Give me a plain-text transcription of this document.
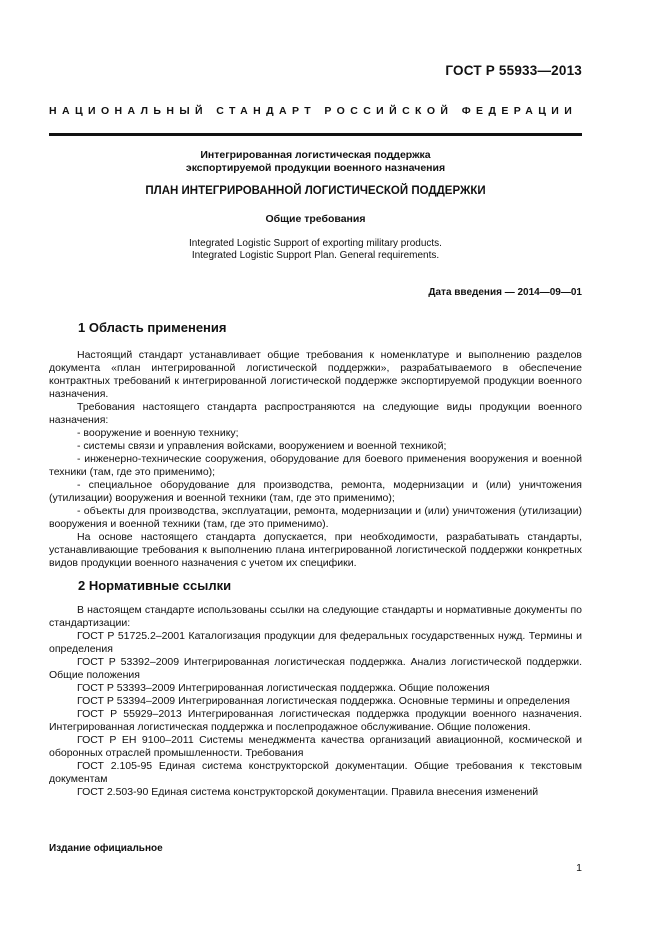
ГОСТ Р 55933—2013
НАЦИОНАЛЬНЫЙ СТАНДАРТ РОССИЙСКОЙ ФЕДЕРАЦИИ
Интегрированная логистическая поддержка
экспортируемой продукции военного назначения
ПЛАН ИНТЕГРИРОВАННОЙ ЛОГИСТИЧЕСКОЙ ПОДДЕРЖКИ
Общие требования
Integrated Logistic Support of exporting military products.
Integrated Logistic Support Plan. General requirements.
Дата введения — 2014—09—01
1 Область применения

Настоящий стандарт устанавливает общие требования к номенклатуре и выполнению разделов документа «план интегрированной логистической поддержки», разрабатываемого в обеспечение контрактных требований к интегрированной логистической поддержке экспортируемой продукции военного назначения.

Требования настоящего стандарта распространяются на следующие виды продукции военного назначения:

- вооружение и военную технику;

- системы связи и управления войсками, вооружением и военной техникой;

- инженерно-технические сооружения, оборудование для боевого применения вооружения и военной техники (там, где это применимо);

- специальное оборудование для производства, ремонта, модернизации и (или) уничтожения (утилизации) вооружения и военной техники (там, где это применимо);

- объекты для производства, эксплуатации, ремонта, модернизации и (или) уничтожения (утилизации) вооружения и военной техники (там, где это применимо).

На основе настоящего стандарта допускается, при необходимости, разрабатывать стандарты, устанавливающие требования к выполнению плана интегрированной логистической поддержки конкретных видов продукции военного назначения с учетом их специфики.

2 Нормативные ссылки

В настоящем стандарте использованы ссылки на следующие стандарты и нормативные документы по стандартизации:

ГОСТ Р 51725.2–2001 Каталогизация продукции для федеральных государственных нужд. Термины и определения

ГОСТ Р 53392–2009 Интегрированная логистическая поддержка. Анализ логистической поддержки. Общие положения

ГОСТ Р 53393–2009 Интегрированная логистическая поддержка. Общие положения

ГОСТ Р 53394–2009 Интегрированная логистическая поддержка. Основные термины и определения

ГОСТ Р 55929–2013 Интегрированная логистическая поддержка продукции военного назначения. Интегрированная логистическая поддержка и послепродажное обслуживание. Общие положения.

ГОСТ Р ЕН 9100–2011 Системы менеджмента качества организаций авиационной, космической и оборонных отраслей промышленности. Требования

ГОСТ 2.105-95 Единая система конструкторской документации. Общие требования к текстовым документам

ГОСТ 2.503-90 Единая система конструкторской документации. Правила внесения изменений

Издание официальное
1
